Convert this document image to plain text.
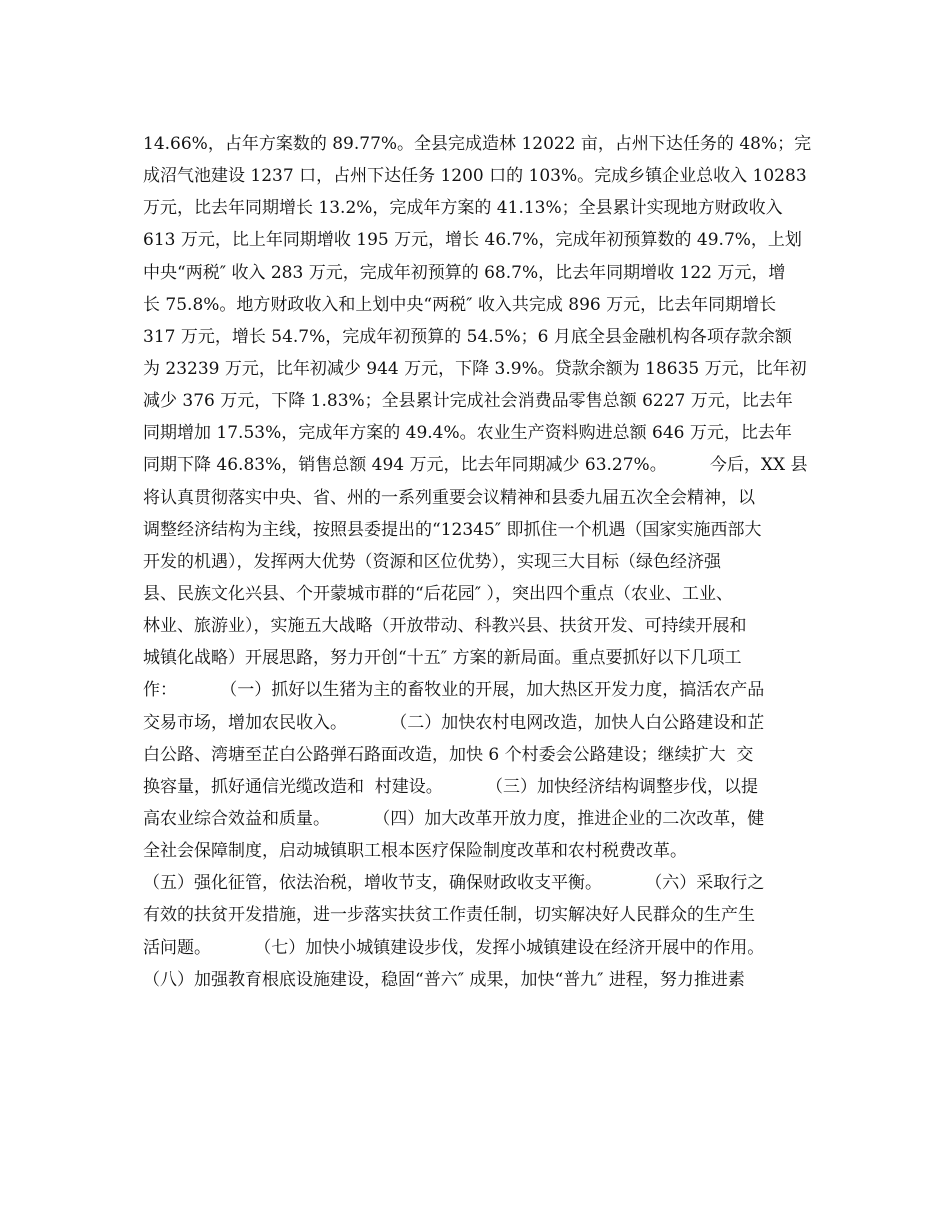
14.66%，占年方案数的 89.77%。全县完成造林 12022 亩，占州下达任务的 48%；完
成沼气池建设 1237 口，占州下达任务 1200 口的 103%。完成乡镇企业总收入 10283
万元，比去年同期增长 13.2%，完成年方案的 41.13%；全县累计实现地方财政收入
613 万元，比上年同期增收 195 万元，增长 46.7%，完成年初预算数的 49.7%，上划
中央“两税″ 收入 283 万元，完成年初预算的 68.7%，比去年同期增收 122 万元，增
长 75.8%。地方财政收入和上划中央“两税″ 收入共完成 896 万元，比去年同期增长
317 万元，增长 54.7%，完成年初预算的 54.5%；6 月底全县金融机构各项存款余额
为 23239 万元，比年初减少 944 万元，下降 3.9%。贷款余额为 18635 万元，比年初
减少 376 万元，下降 1.83%；全县累计完成社会消费品零售总额 6227 万元，比去年
同期增加 17.53%，完成年方案的 49.4%。农业生产资料购进总额 646 万元，比去年
同期下降 46.83%，销售总额 494 万元，比去年同期减少 63.27%。        今后，XX 县
将认真贯彻落实中央、省、州的一系列重要会议精神和县委九届五次全会精神，以
调整经济结构为主线，按照县委提出的“12345″ 即抓住一个机遇（国家实施西部大
开发的机遇），发挥两大优势（资源和区位优势），实现三大目标（绿色经济强
县、民族文化兴县、个开蒙城市群的“后花园″ ），突出四个重点（农业、工业、
林业、旅游业），实施五大战略（开放带动、科教兴县、扶贫开发、可持续开展和
城镇化战略）开展思路，努力开创“十五″ 方案的新局面。重点要抓好以下几项工
作：        （一）抓好以生猪为主的畜牧业的开展，加大热区开发力度，搞活农产品
交易市场，增加农民收入。        （二）加快农村电网改造，加快人白公路建设和芷
白公路、湾塘至芷白公路弹石路面改造，加快 6 个村委会公路建设；继续扩大  交
换容量，抓好通信光缆改造和  村建设。        （三）加快经济结构调整步伐，以提
高农业综合效益和质量。        （四）加大改革开放力度，推进企业的二次改革，健
全社会保障制度，启动城镇职工根本医疗保险制度改革和农村税费改革。
（五）强化征管，依法治税，增收节支，确保财政收支平衡。        （六）采取行之
有效的扶贫开发措施，进一步落实扶贫工作责任制，切实解决好人民群众的生产生
活问题。        （七）加快小城镇建设步伐，发挥小城镇建设在经济开展中的作用。
（八）加强教育根底设施建设，稳固“普六″ 成果，加快“普九″ 进程，努力推进素
